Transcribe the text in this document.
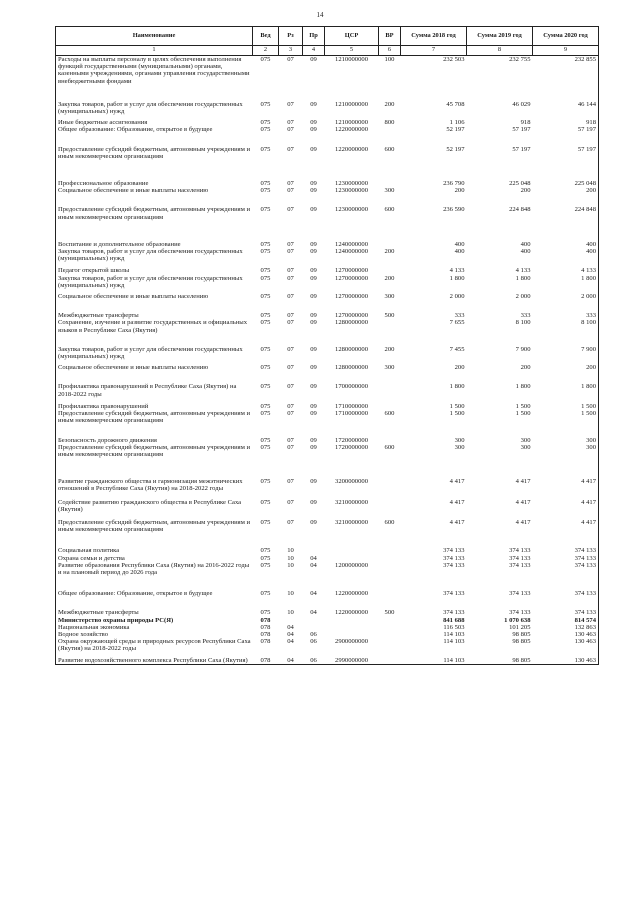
14
Наименование	Вед	Рз	Пр	ЦСР	ВР	Сумма 2018 год	Сумма 2019 год	Сумма 2020 год
1	2	3	4	5	6	7	8	9
Расходы на выплаты персоналу в целях обеспечения выполнения функций государственными (муниципальными) органами, казенными учреждениями, органами управления государственными внебюджетными фондами	075	07	09	1210000000	100	232 503	232 755	232 855

Закупка товаров, работ и услуг для обеспечения государственных (муниципальных) нужд	075	07	09	1210000000	200	45 708	46 029	46 144

Иные бюджетные ассигнования	075	07	09	1210000000	800	1 106	918	918
Общее образование: Образование, открытое в будущее	075	07	09	1220000000		52 197	57 197	57 197

Предоставление субсидий бюджетным, автономным учреждениям и иным некоммерческим организациям	075	07	09	1220000000	600	52 197	57 197	57 197

Профессиональное образование	075	07	09	1230000000		236 790	225 048	225 048
Социальное обеспечение и иные выплаты населению	075	07	09	1230000000	300	200	200	200

Предоставление субсидий бюджетным, автономным учреждениям и иным некоммерческим организациям	075	07	09	1230000000	600	236 590	224 848	224 848

Воспитание и дополнительное образование	075	07	09	1240000000		400	400	400
Закупка товаров, работ и услуг для обеспечения государственных (муниципальных) нужд	075	07	09	1240000000	200	400	400	400

Педагог открытой школы	075	07	09	1270000000		4 133	4 133	4 133
Закупка товаров, работ и услуг для обеспечения государственных (муниципальных) нужд	075	07	09	1270000000	200	1 800	1 800	1 800

Социальное обеспечение и иные выплаты населению	075	07	09	1270000000	300	2 000	2 000	2 000

Межбюджетные трансферты	075	07	09	1270000000	500	333	333	333
Сохранение, изучение и развитие государственных и официальных языков в Республике Саха (Якутия)	075	07	09	1280000000		7 655	8 100	8 100

Закупка товаров, работ и услуг для обеспечения государственных (муниципальных) нужд	075	07	09	1280000000	200	7 455	7 900	7 900

Социальное обеспечение и иные выплаты населению	075	07	09	1280000000	300	200	200	200

Профилактика правонарушений в Республике Саха (Якутия) на 2018-2022 годы	075	07	09	1700000000		1 800	1 800	1 800

Профилактика правонарушений	075	07	09	1710000000		1 500	1 500	1 500
Предоставление субсидий бюджетным, автономным учреждениям и иным некоммерческим организациям	075	07	09	1710000000	600	1 500	1 500	1 500

Безопасность дорожного движения	075	07	09	1720000000		300	300	300
Предоставление субсидий бюджетным, автономным учреждениям и иным некоммерческим организациям	075	07	09	1720000000	600	300	300	300

Развитие гражданского общества и гармонизация межэтнических отношений в Республике Саха (Якутия) на 2018-2022 годы	075	07	09	3200000000		4 417	4 417	4 417

Содействие развитию гражданского общества в Республике Саха (Якутия)	075	07	09	3210000000		4 417	4 417	4 417

Предоставление субсидий бюджетным, автономным учреждениям и иным некоммерческим организациям	075	07	09	3210000000	600	4 417	4 417	4 417

Социальная политика	075	10				374 133	374 133	374 133
Охрана семьи и детства	075	10	04			374 133	374 133	374 133
Развитие образования Республики Саха (Якутия) на 2016-2022 годы и на плановый период до 2026 года	075	10	04	1200000000		374 133	374 133	374 133

Общее образование: Образование, открытое в будущее	075	10	04	1220000000		374 133	374 133	374 133

Межбюджетные трансферты	075	10	04	1220000000	500	374 133	374 133	374 133
Министерство охраны природы РС(Я)	078					841 688	1 070 638	814 574
Национальная экономика	078	04				116 503	101 205	132 863
Водное хозяйство	078	04	06			114 103	98 805	130 463
Охрана окружающей среды и природных ресурсов Республики Саха (Якутия) на 2018-2022 годы	078	04	06	2900000000		114 103	98 805	130 463

Развитие водохозяйственного комплекса Республики Саха (Якутия)	078	04	06	2990000000		114 103	98 805	130 463
